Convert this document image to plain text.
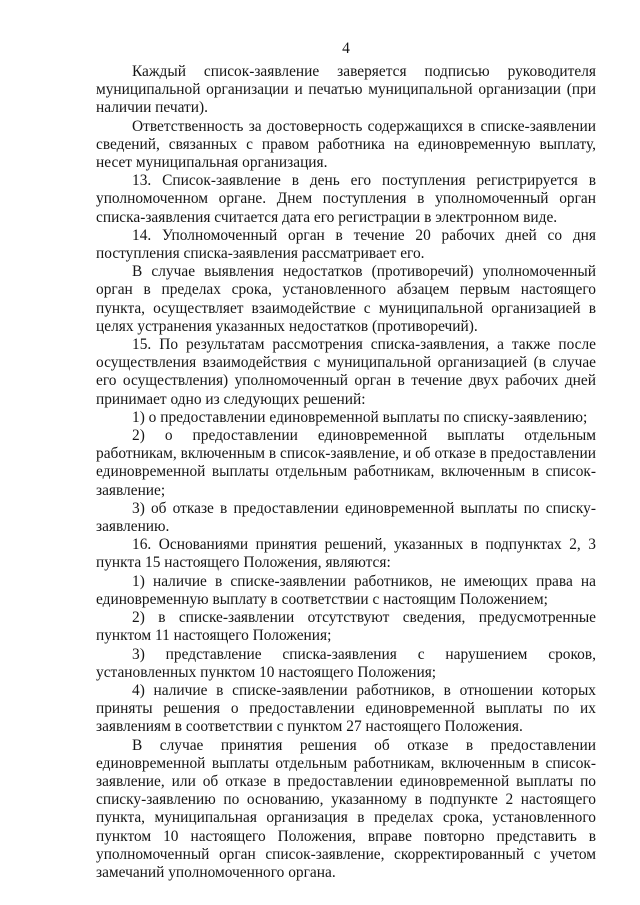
4

Каждый список-заявление заверяется подписью руководителя муниципальной организации и печатью муниципальной организации (при наличии печати).

Ответственность за достоверность содержащихся в списке-заявлении сведений, связанных с правом работника на единовременную выплату, несет муниципальная организация.

13. Список-заявление в день его поступления регистрируется в уполномоченном органе. Днем поступления в уполномоченный орган списка-заявления считается дата его регистрации в электронном виде.

14. Уполномоченный орган в течение 20 рабочих дней со дня поступления списка-заявления рассматривает его.

В случае выявления недостатков (противоречий) уполномоченный орган в пределах срока, установленного абзацем первым настоящего пункта, осуществляет взаимодействие с муниципальной организацией в целях устранения указанных недостатков (противоречий).

15. По результатам рассмотрения списка-заявления, а также после осуществления взаимодействия с муниципальной организацией (в случае его осуществления) уполномоченный орган в течение двух рабочих дней принимает одно из следующих решений:

1) о предоставлении единовременной выплаты по списку-заявлению;

2) о предоставлении единовременной выплаты отдельным работникам, включенным в список-заявление, и об отказе в предоставлении единовременной выплаты отдельным работникам, включенным в список-заявление;

3) об отказе в предоставлении единовременной выплаты по списку-заявлению.

16. Основаниями принятия решений, указанных в подпунктах 2, 3 пункта 15 настоящего Положения, являются:

1) наличие в списке-заявлении работников, не имеющих права на единовременную выплату в соответствии с настоящим Положением;

2) в списке-заявлении отсутствуют сведения, предусмотренные пунктом 11 настоящего Положения;

3) представление списка-заявления с нарушением сроков, установленных пунктом 10 настоящего Положения;

4) наличие в списке-заявлении работников, в отношении которых приняты решения о предоставлении единовременной выплаты по их заявлениям в соответствии с пунктом 27 настоящего Положения.

В случае принятия решения об отказе в предоставлении единовременной выплаты отдельным работникам, включенным в список-заявление, или об отказе в предоставлении единовременной выплаты по списку-заявлению по основанию, указанному в подпункте 2 настоящего пункта, муниципальная организация в пределах срока, установленного пунктом 10 настоящего Положения, вправе повторно представить в уполномоченный орган список-заявление, скорректированный с учетом замечаний уполномоченного органа.
